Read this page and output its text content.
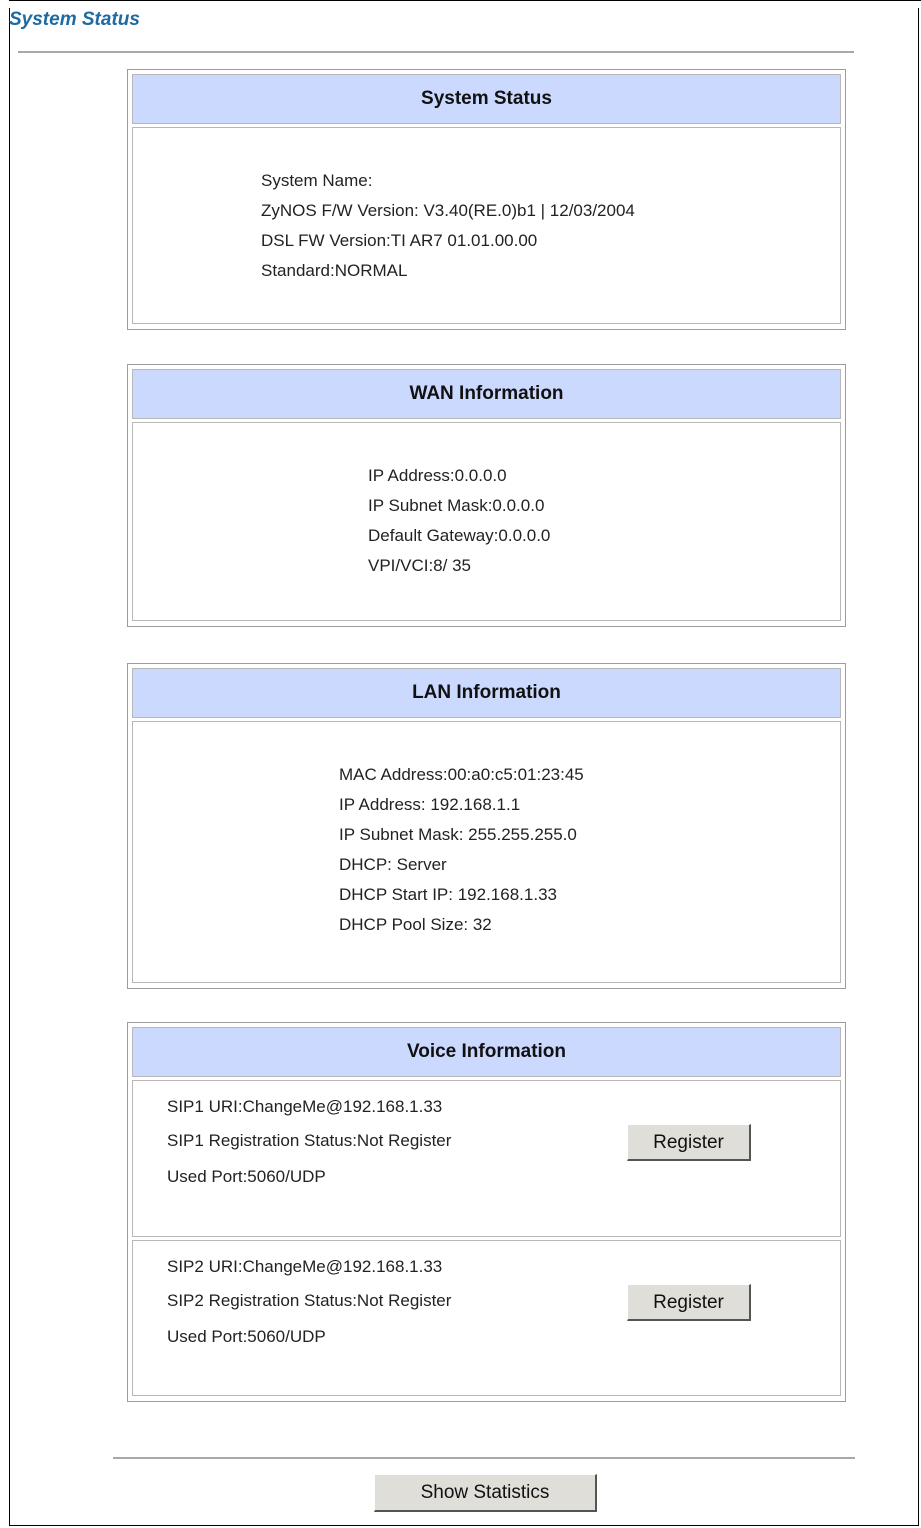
System Status
System Status
System Name:
ZyNOS F/W Version: V3.40(RE.0)b1 | 12/03/2004
DSL FW Version:TI AR7 01.01.00.00
Standard:NORMAL
WAN Information
IP Address:0.0.0.0
IP Subnet Mask:0.0.0.0
Default Gateway:0.0.0.0
VPI/VCI:8/ 35
LAN Information
MAC Address:00:a0:c5:01:23:45
IP Address: 192.168.1.1
IP Subnet Mask: 255.255.255.0
DHCP: Server
DHCP Start IP: 192.168.1.33
DHCP Pool Size: 32
Voice Information
SIP1 URI:ChangeMe@192.168.1.33
SIP1 Registration Status:Not Register
Used Port:5060/UDP
Register
SIP2 URI:ChangeMe@192.168.1.33
SIP2 Registration Status:Not Register
Used Port:5060/UDP
Register
Show Statistics
